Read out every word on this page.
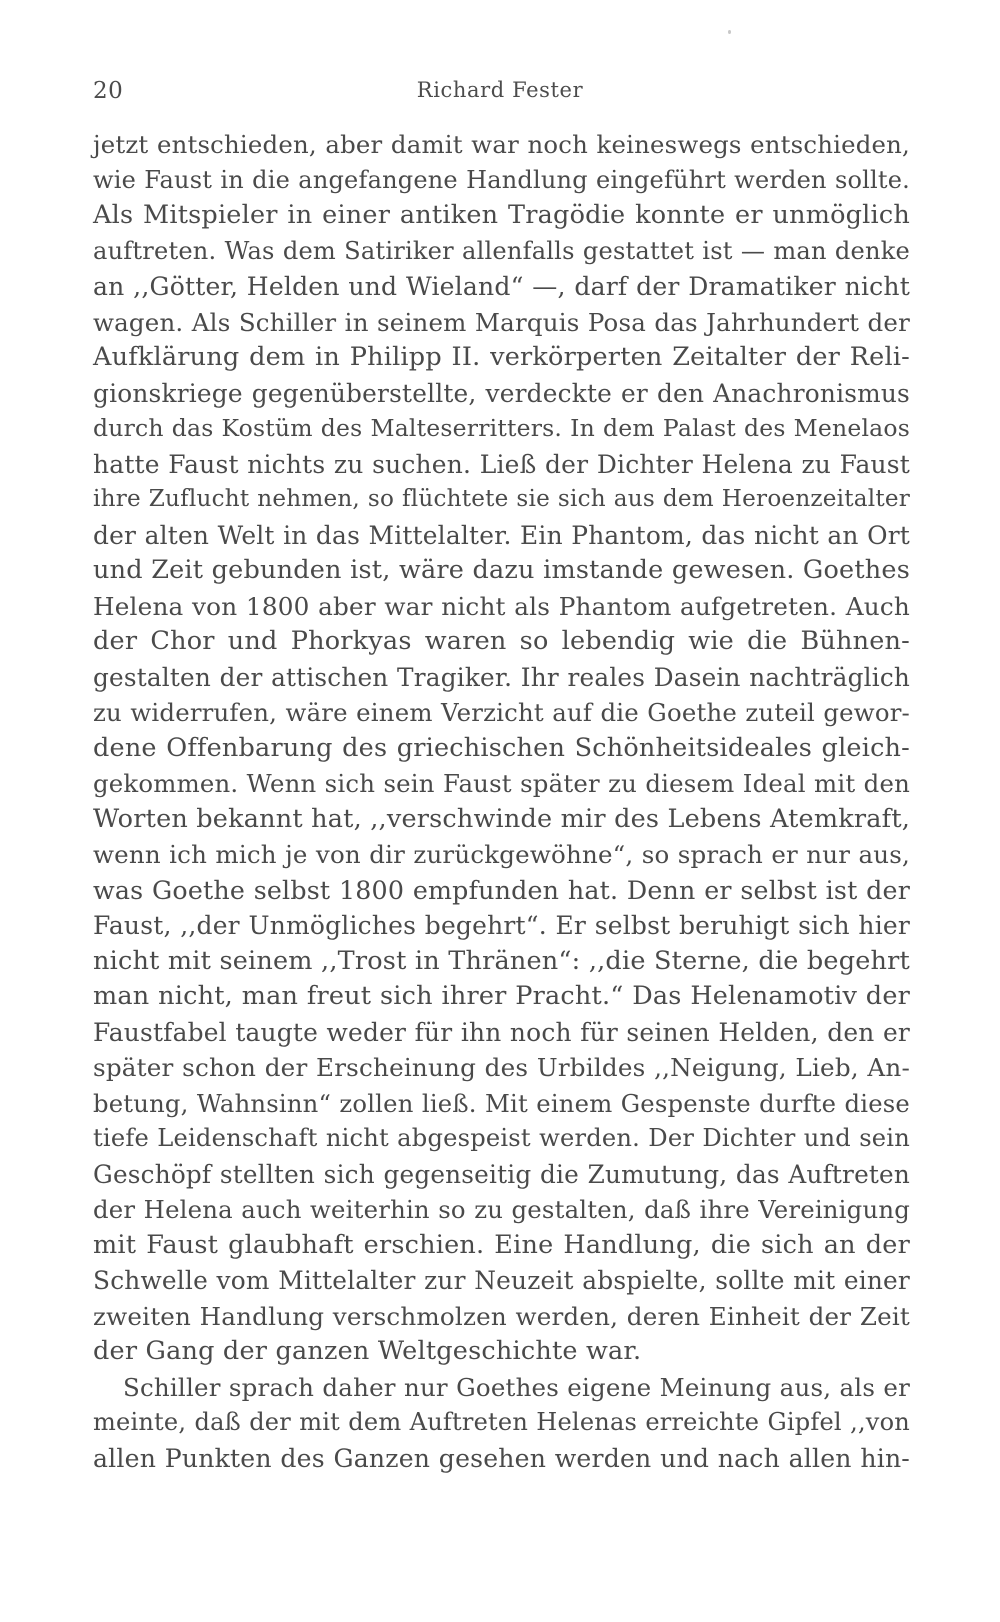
20	Richard Fester
jetzt entschieden, aber damit war noch keineswegs entschieden,
wie Faust in die angefangene Handlung eingeführt werden sollte.
Als Mitspieler in einer antiken Tragödie konnte er unmöglich
auftreten. Was dem Satiriker allenfalls gestattet ist — man denke
an ,,Götter, Helden und Wieland“ —, darf der Dramatiker nicht
wagen. Als Schiller in seinem Marquis Posa das Jahrhundert der
Aufklärung dem in Philipp II. verkörperten Zeitalter der Reli-
gionskriege gegenüberstellte, verdeckte er den Anachronismus
durch das Kostüm des Malteserritters. In dem Palast des Menelaos
hatte Faust nichts zu suchen. Ließ der Dichter Helena zu Faust
ihre Zuflucht nehmen, so flüchtete sie sich aus dem Heroenzeitalter
der alten Welt in das Mittelalter. Ein Phantom, das nicht an Ort
und Zeit gebunden ist, wäre dazu imstande gewesen. Goethes
Helena von 1800 aber war nicht als Phantom aufgetreten. Auch
der Chor und Phorkyas waren so lebendig wie die Bühnen-
gestalten der attischen Tragiker. Ihr reales Dasein nachträglich
zu widerrufen, wäre einem Verzicht auf die Goethe zuteil gewor-
dene Offenbarung des griechischen Schönheitsideales gleich-
gekommen. Wenn sich sein Faust später zu diesem Ideal mit den
Worten bekannt hat, ,,verschwinde mir des Lebens Atemkraft,
wenn ich mich je von dir zurückgewöhne“, so sprach er nur aus,
was Goethe selbst 1800 empfunden hat. Denn er selbst ist der
Faust, ,,der Unmögliches begehrt“. Er selbst beruhigt sich hier
nicht mit seinem ,,Trost in Thränen“: ,,die Sterne, die begehrt
man nicht, man freut sich ihrer Pracht.“ Das Helenamotiv der
Faustfabel taugte weder für ihn noch für seinen Helden, den er
später schon der Erscheinung des Urbildes ,,Neigung, Lieb, An-
betung, Wahnsinn“ zollen ließ. Mit einem Gespenste durfte diese
tiefe Leidenschaft nicht abgespeist werden. Der Dichter und sein
Geschöpf stellten sich gegenseitig die Zumutung, das Auftreten
der Helena auch weiterhin so zu gestalten, daß ihre Vereinigung
mit Faust glaubhaft erschien. Eine Handlung, die sich an der
Schwelle vom Mittelalter zur Neuzeit abspielte, sollte mit einer
zweiten Handlung verschmolzen werden, deren Einheit der Zeit
der Gang der ganzen Weltgeschichte war.
Schiller sprach daher nur Goethes eigene Meinung aus, als er
meinte, daß der mit dem Auftreten Helenas erreichte Gipfel ,,von
allen Punkten des Ganzen gesehen werden und nach allen hin-
